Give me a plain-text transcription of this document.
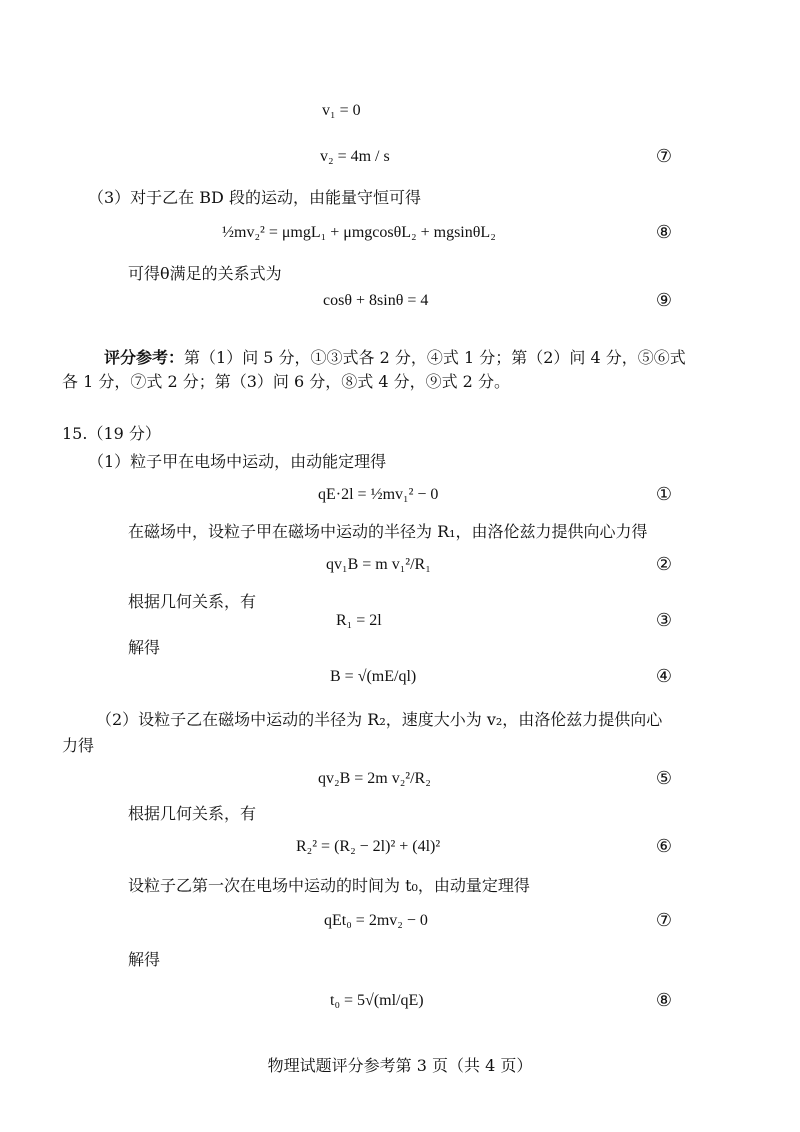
v₁ = 0
v₂ = 4m / s	⑦
（3）对于乙在 BD 段的运动，由能量守恒可得
½mv₂² = μmgL₁ + μmgcosθL₂ + mgsinθL₂	⑧
可得θ满足的关系式为
cosθ + 8sinθ = 4	⑨
评分参考：第（1）问 5 分，①③式各 2 分，④式 1 分；第（2）问 4 分，⑤⑥式
各 1 分，⑦式 2 分；第（3）问 6 分，⑧式 4 分，⑨式 2 分。
15.（19 分）
（1）粒子甲在电场中运动，由动能定理得
qE·2l = ½mv₁² − 0	①
在磁场中，设粒子甲在磁场中运动的半径为 R₁，由洛伦兹力提供向心力得
qv₁B = m v₁²/R₁	②
根据几何关系，有
R₁ = 2l	③
解得
B = √(mE/ql)	④
（2）设粒子乙在磁场中运动的半径为 R₂，速度大小为 v₂，由洛伦兹力提供向心
力得
qv₂B = 2m v₂²/R₂	⑤
根据几何关系，有
R₂² = (R₂ − 2l)² + (4l)²	⑥
设粒子乙第一次在电场中运动的时间为 t₀，由动量定理得
qEt₀ = 2mv₂ − 0	⑦
解得
t₀ = 5√(ml/qE)	⑧
物理试题评分参考第 3 页（共 4 页）
